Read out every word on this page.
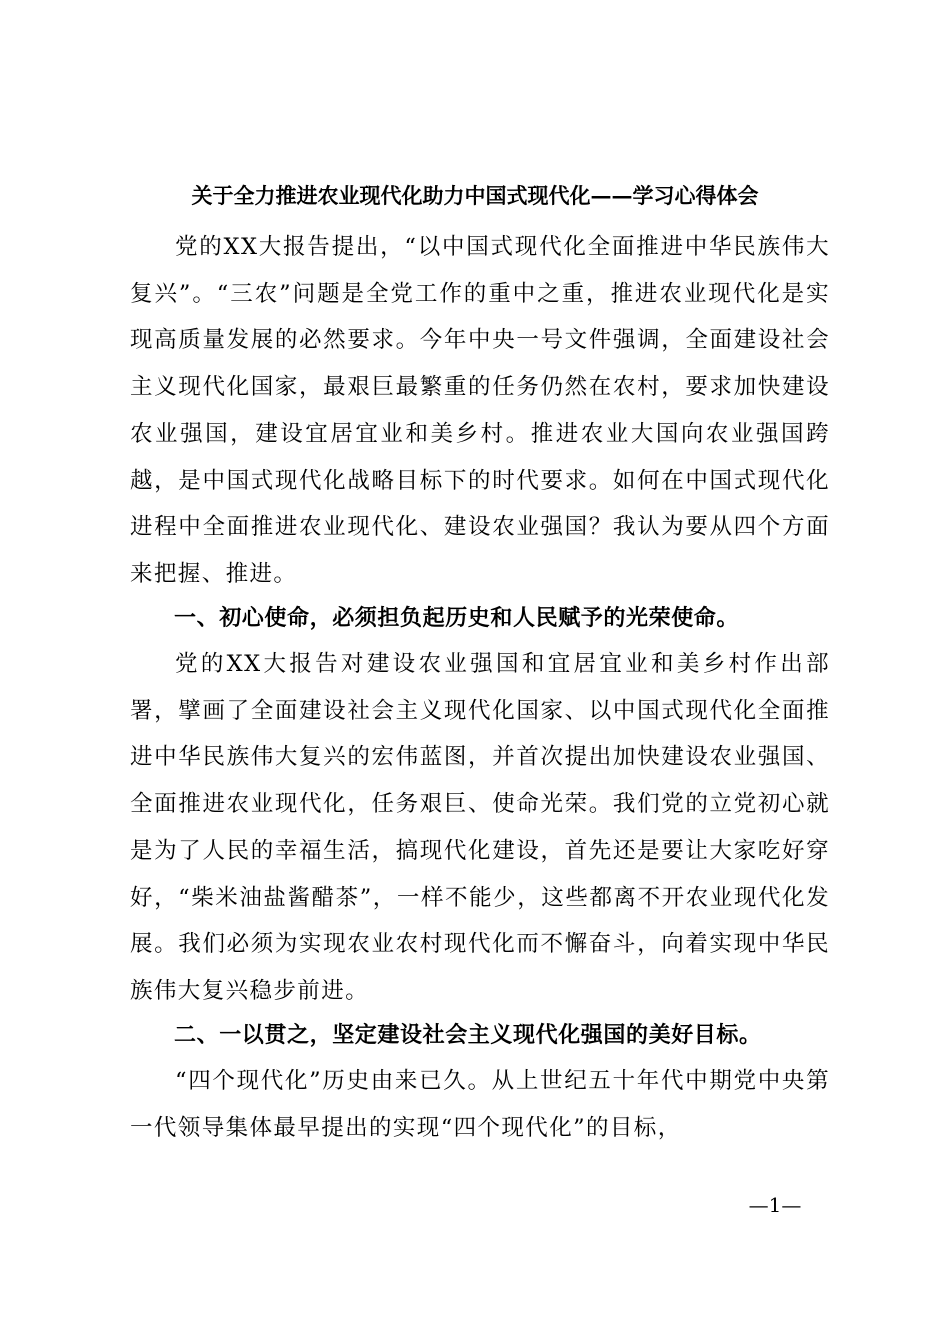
关于全力推进农业现代化助力中国式现代化——学习心得体会

党的XX大报告提出，“以中国式现代化全面推进中华民族伟大复兴”。“三农”问题是全党工作的重中之重，推进农业现代化是实现高质量发展的必然要求。今年中央一号文件强调，全面建设社会主义现代化国家，最艰巨最繁重的任务仍然在农村，要求加快建设农业强国，建设宜居宜业和美乡村。推进农业大国向农业强国跨越，是中国式现代化战略目标下的时代要求。如何在中国式现代化进程中全面推进农业现代化、建设农业强国？我认为要从四个方面来把握、推进。

一、初心使命，必须担负起历史和人民赋予的光荣使命。

党的XX大报告对建设农业强国和宜居宜业和美乡村作出部署，擘画了全面建设社会主义现代化国家、以中国式现代化全面推进中华民族伟大复兴的宏伟蓝图，并首次提出加快建设农业强国、全面推进农业现代化，任务艰巨、使命光荣。我们党的立党初心就是为了人民的幸福生活，搞现代化建设，首先还是要让大家吃好穿好，“柴米油盐酱醋茶”，一样不能少，这些都离不开农业现代化发展。我们必须为实现农业农村现代化而不懈奋斗，向着实现中华民族伟大复兴稳步前进。

二、一以贯之，坚定建设社会主义现代化强国的美好目标。

“四个现代化”历史由来已久。从上世纪五十年代中期党中央第一代领导集体最早提出的实现“四个现代化”的目标，

—1—
